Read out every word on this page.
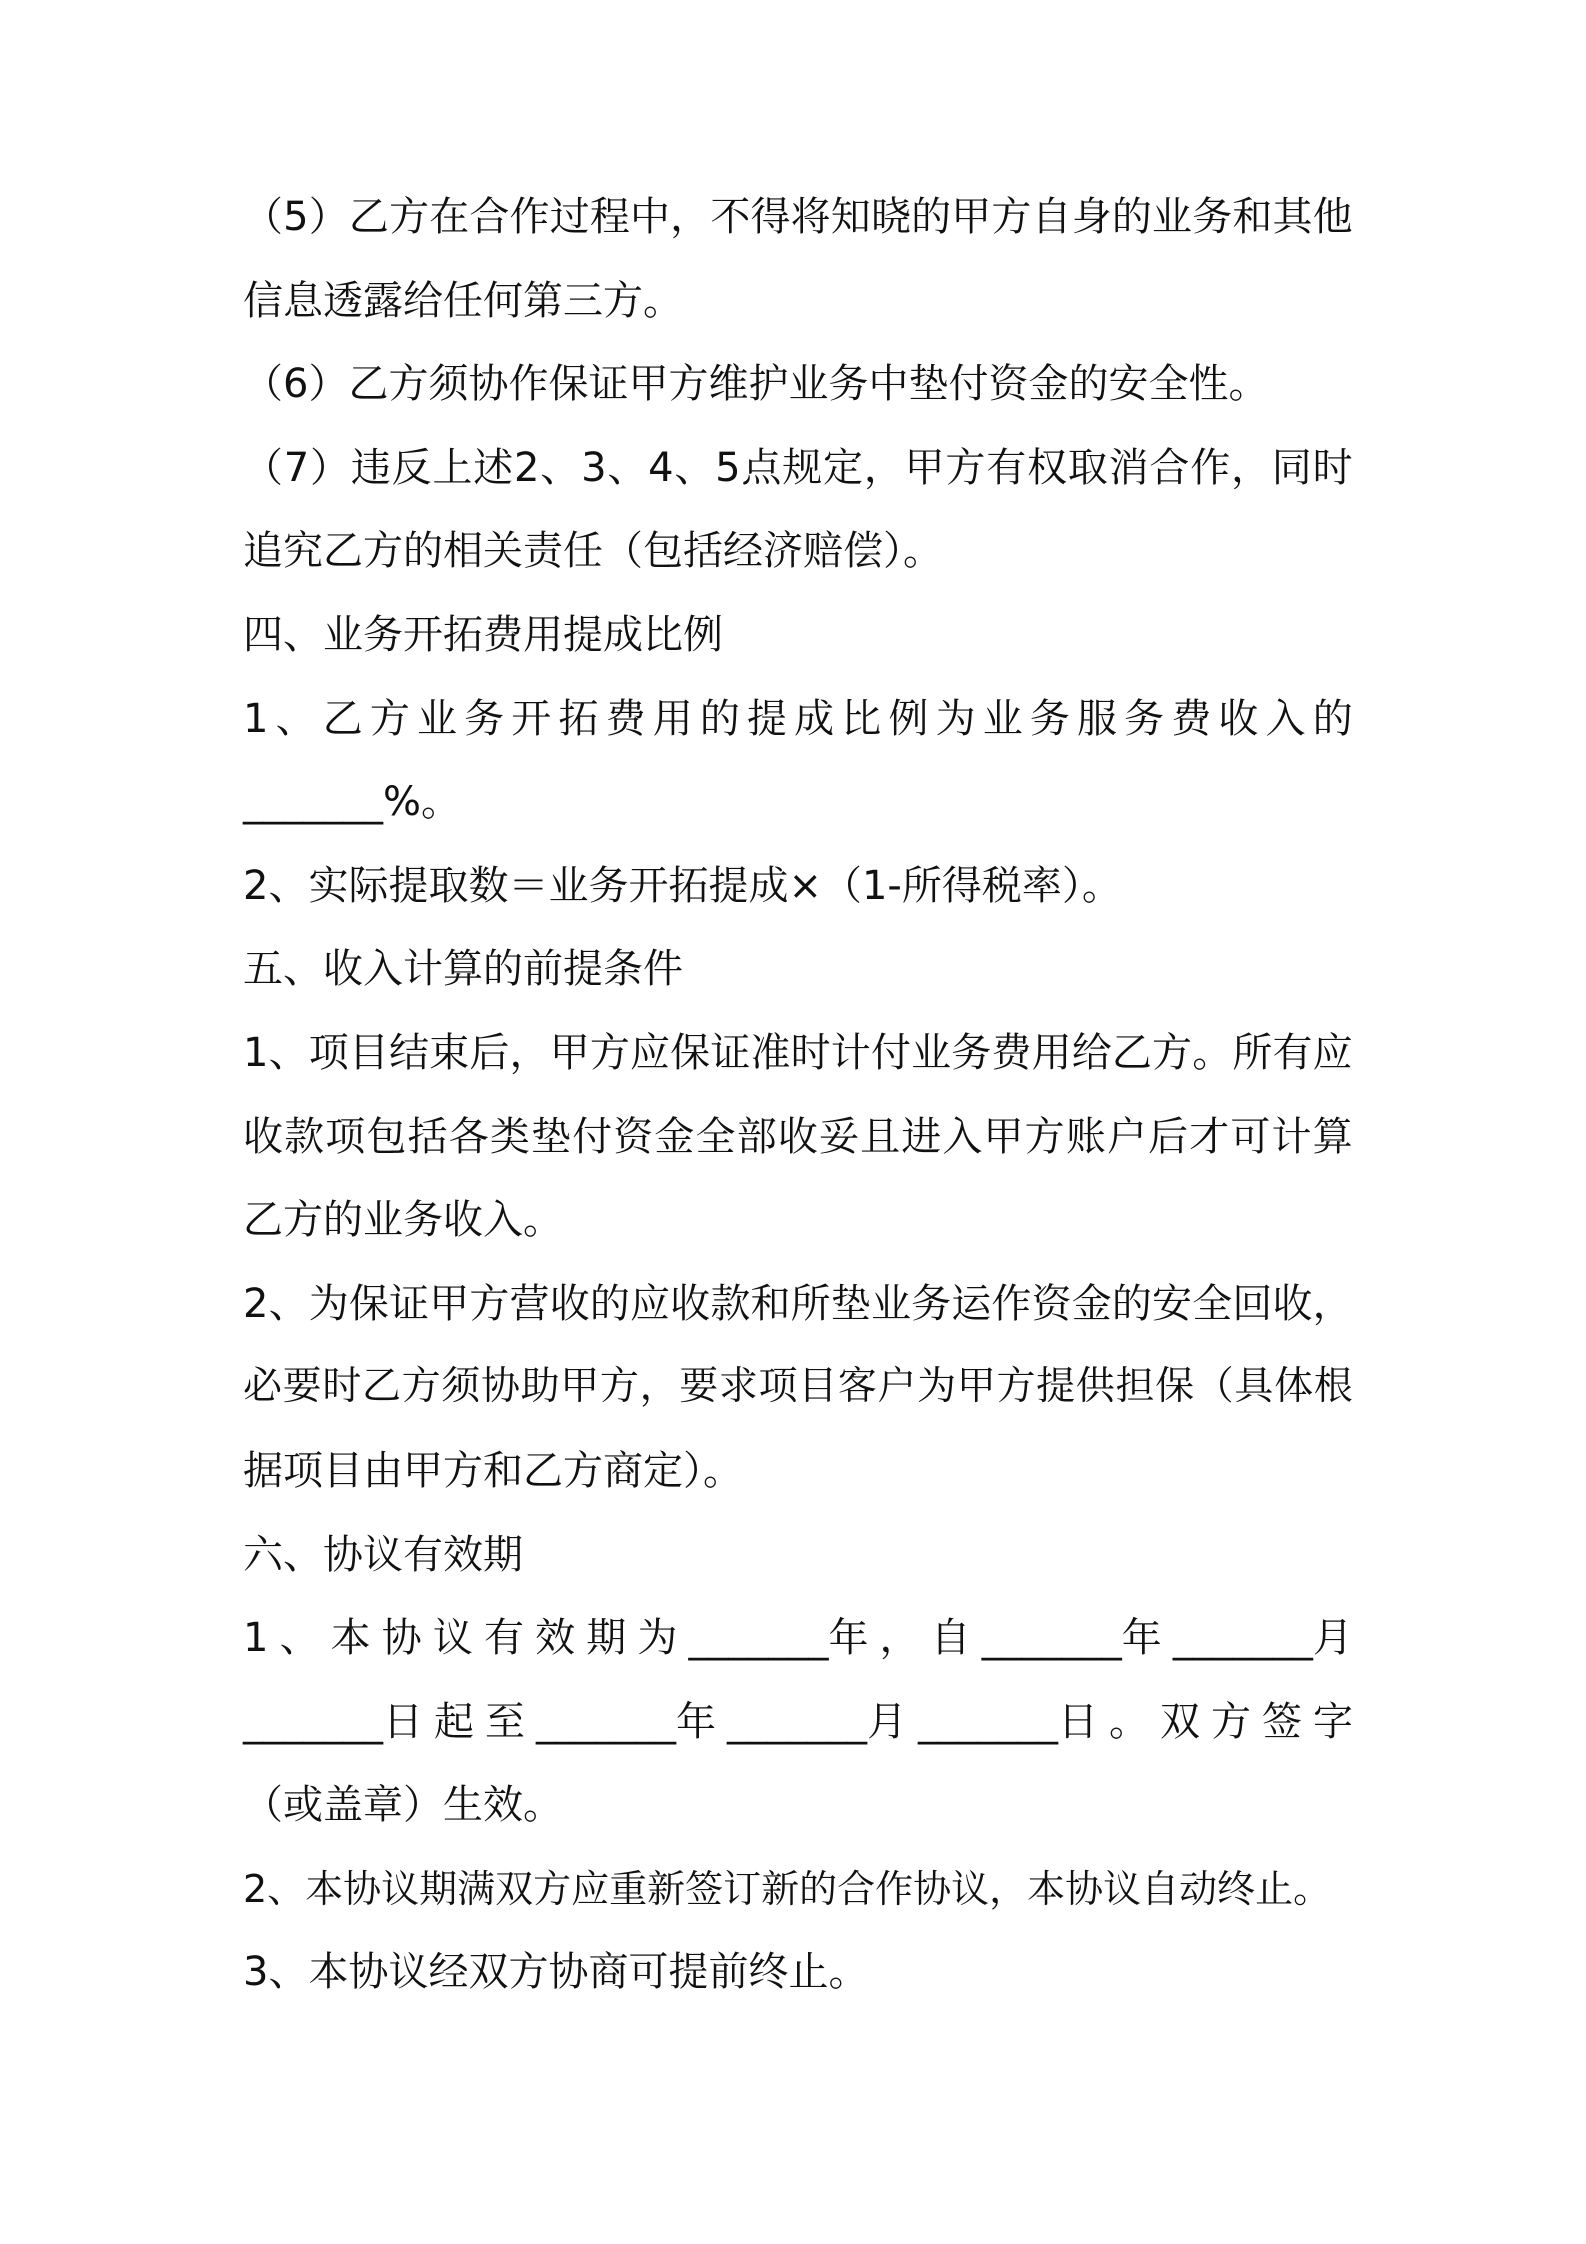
（ 5 ） 乙 方 在 合 作 过 程 中 ， 不 得 将 知 晓 的 甲 方 自 身 的 业 务 和 其 他
信息透露给任何第三方。
（6）乙方须协作保证甲方维护业务中垫付资金的安全性。
（ 7 ） 违 反 上 述 2 、 3 、 4 、 5 点 规 定 ， 甲 方 有 权 取 消 合 作 ， 同 时
追究乙方的相关责任（包括经济赔偿）。
四、业务开拓费用提成比例
1 、 乙 方 业 务 开 拓 费 用 的 提 成 比 例 为 业 务 服 务 费 收 入 的
_______%。
2、实际提取数＝业务开拓提成×（1-所得税率）。
五、收入计算的前提条件
1 、 项 目 结 束 后 ， 甲 方 应 保 证 准 时 计 付 业 务 费 用 给 乙 方 。 所 有 应
收 款 项 包 括 各 类 垫 付 资 金 全 部 收 妥 且 进 入 甲 方 账 户 后 才 可 计 算
乙方的业务收入。
2 、 为 保 证 甲 方 营 收 的 应 收 款 和 所 垫 业 务 运 作 资 金 的 安 全 回 收 ，
必 要 时 乙 方 须 协 助 甲 方 ， 要 求 项 目 客 户 为 甲 方 提 供 担 保 （ 具 体 根
据项目由甲方和乙方商定）。
六、协议有效期
1 、 本 协 议 有 效 期 为 _______年 ， 自 _______年 _______月
_______日 起 至 _______年 _______月 _______日 。 双 方 签 字
（或盖章）生效。
2、本协议期满双方应重新签订新的合作协议，本协议自动终止。
3、本协议经双方协商可提前终止。
